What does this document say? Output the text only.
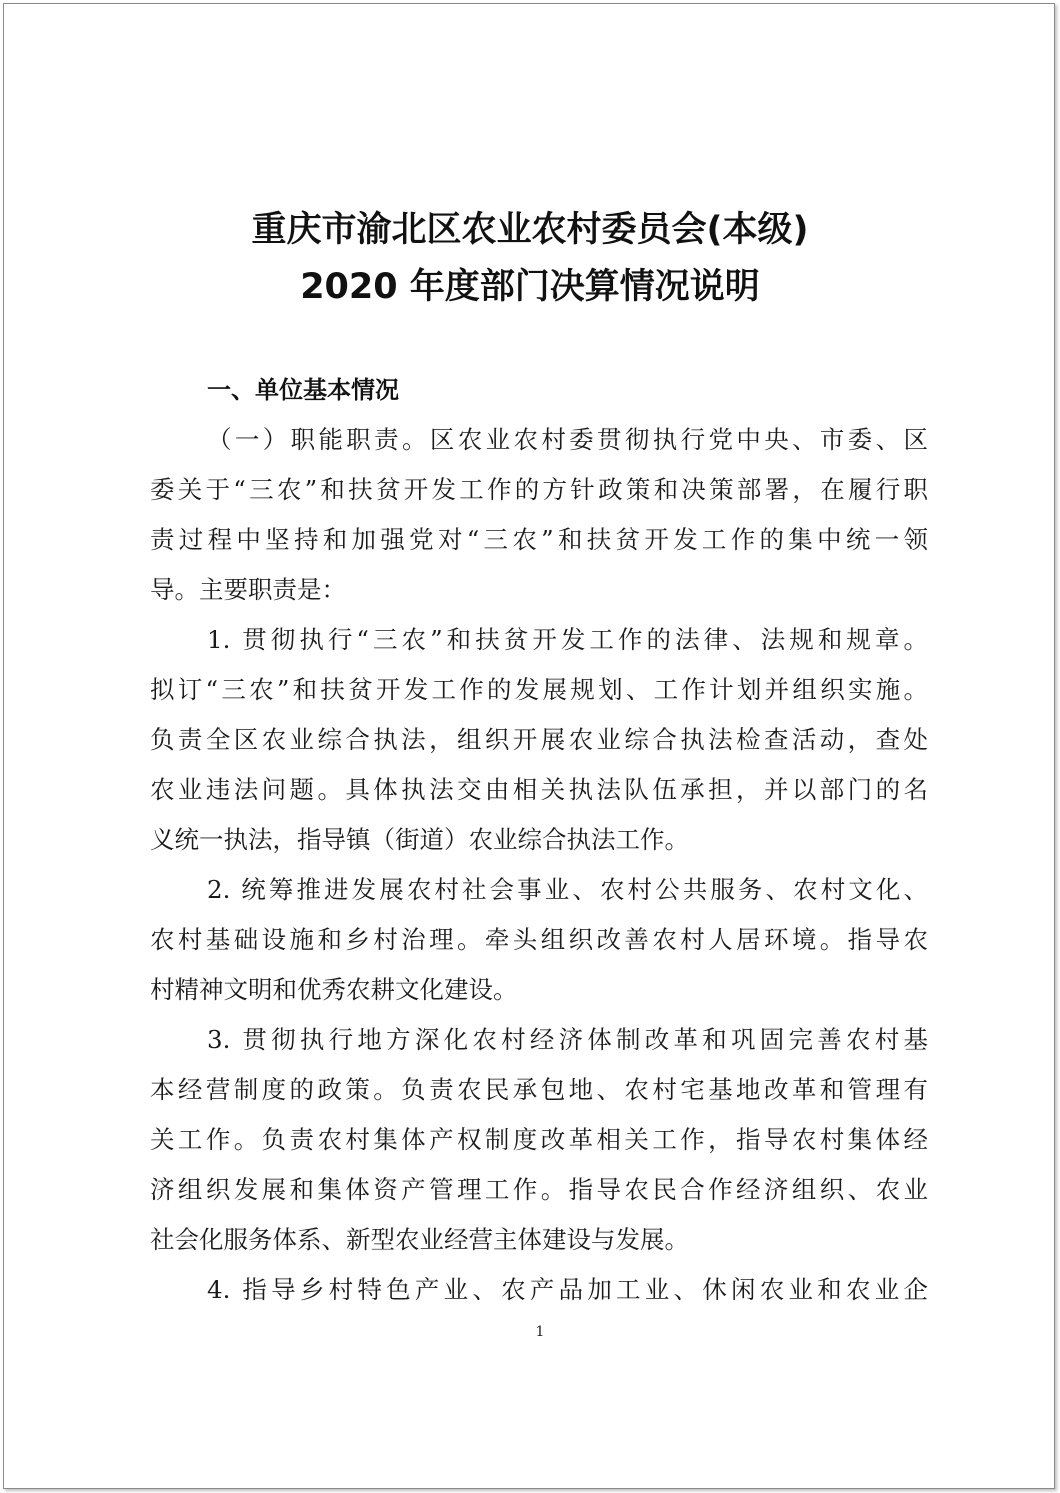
重庆市渝北区农业农村委员会(本级)
2020 年度部门决算情况说明
一、单位基本情况
（一）职能职责。区农业农村委贯彻执行党中央、市委、区
委关于“三农”和扶贫开发工作的方针政策和决策部署，在履行职
责过程中坚持和加强党对“三农”和扶贫开发工作的集中统一领
导。主要职责是：
1. 贯彻执行“三农”和扶贫开发工作的法律、法规和规章。
拟订“三农”和扶贫开发工作的发展规划、工作计划并组织实施。
负责全区农业综合执法，组织开展农业综合执法检查活动，查处
农业违法问题。具体执法交由相关执法队伍承担，并以部门的名
义统一执法，指导镇（街道）农业综合执法工作。
2. 统筹推进发展农村社会事业、农村公共服务、农村文化、
农村基础设施和乡村治理。牵头组织改善农村人居环境。指导农
村精神文明和优秀农耕文化建设。
3. 贯彻执行地方深化农村经济体制改革和巩固完善农村基
本经营制度的政策。负责农民承包地、农村宅基地改革和管理有
关工作。负责农村集体产权制度改革相关工作，指导农村集体经
济组织发展和集体资产管理工作。指导农民合作经济组织、农业
社会化服务体系、新型农业经营主体建设与发展。
4. 指导乡村特色产业、农产品加工业、休闲农业和农业企
1
